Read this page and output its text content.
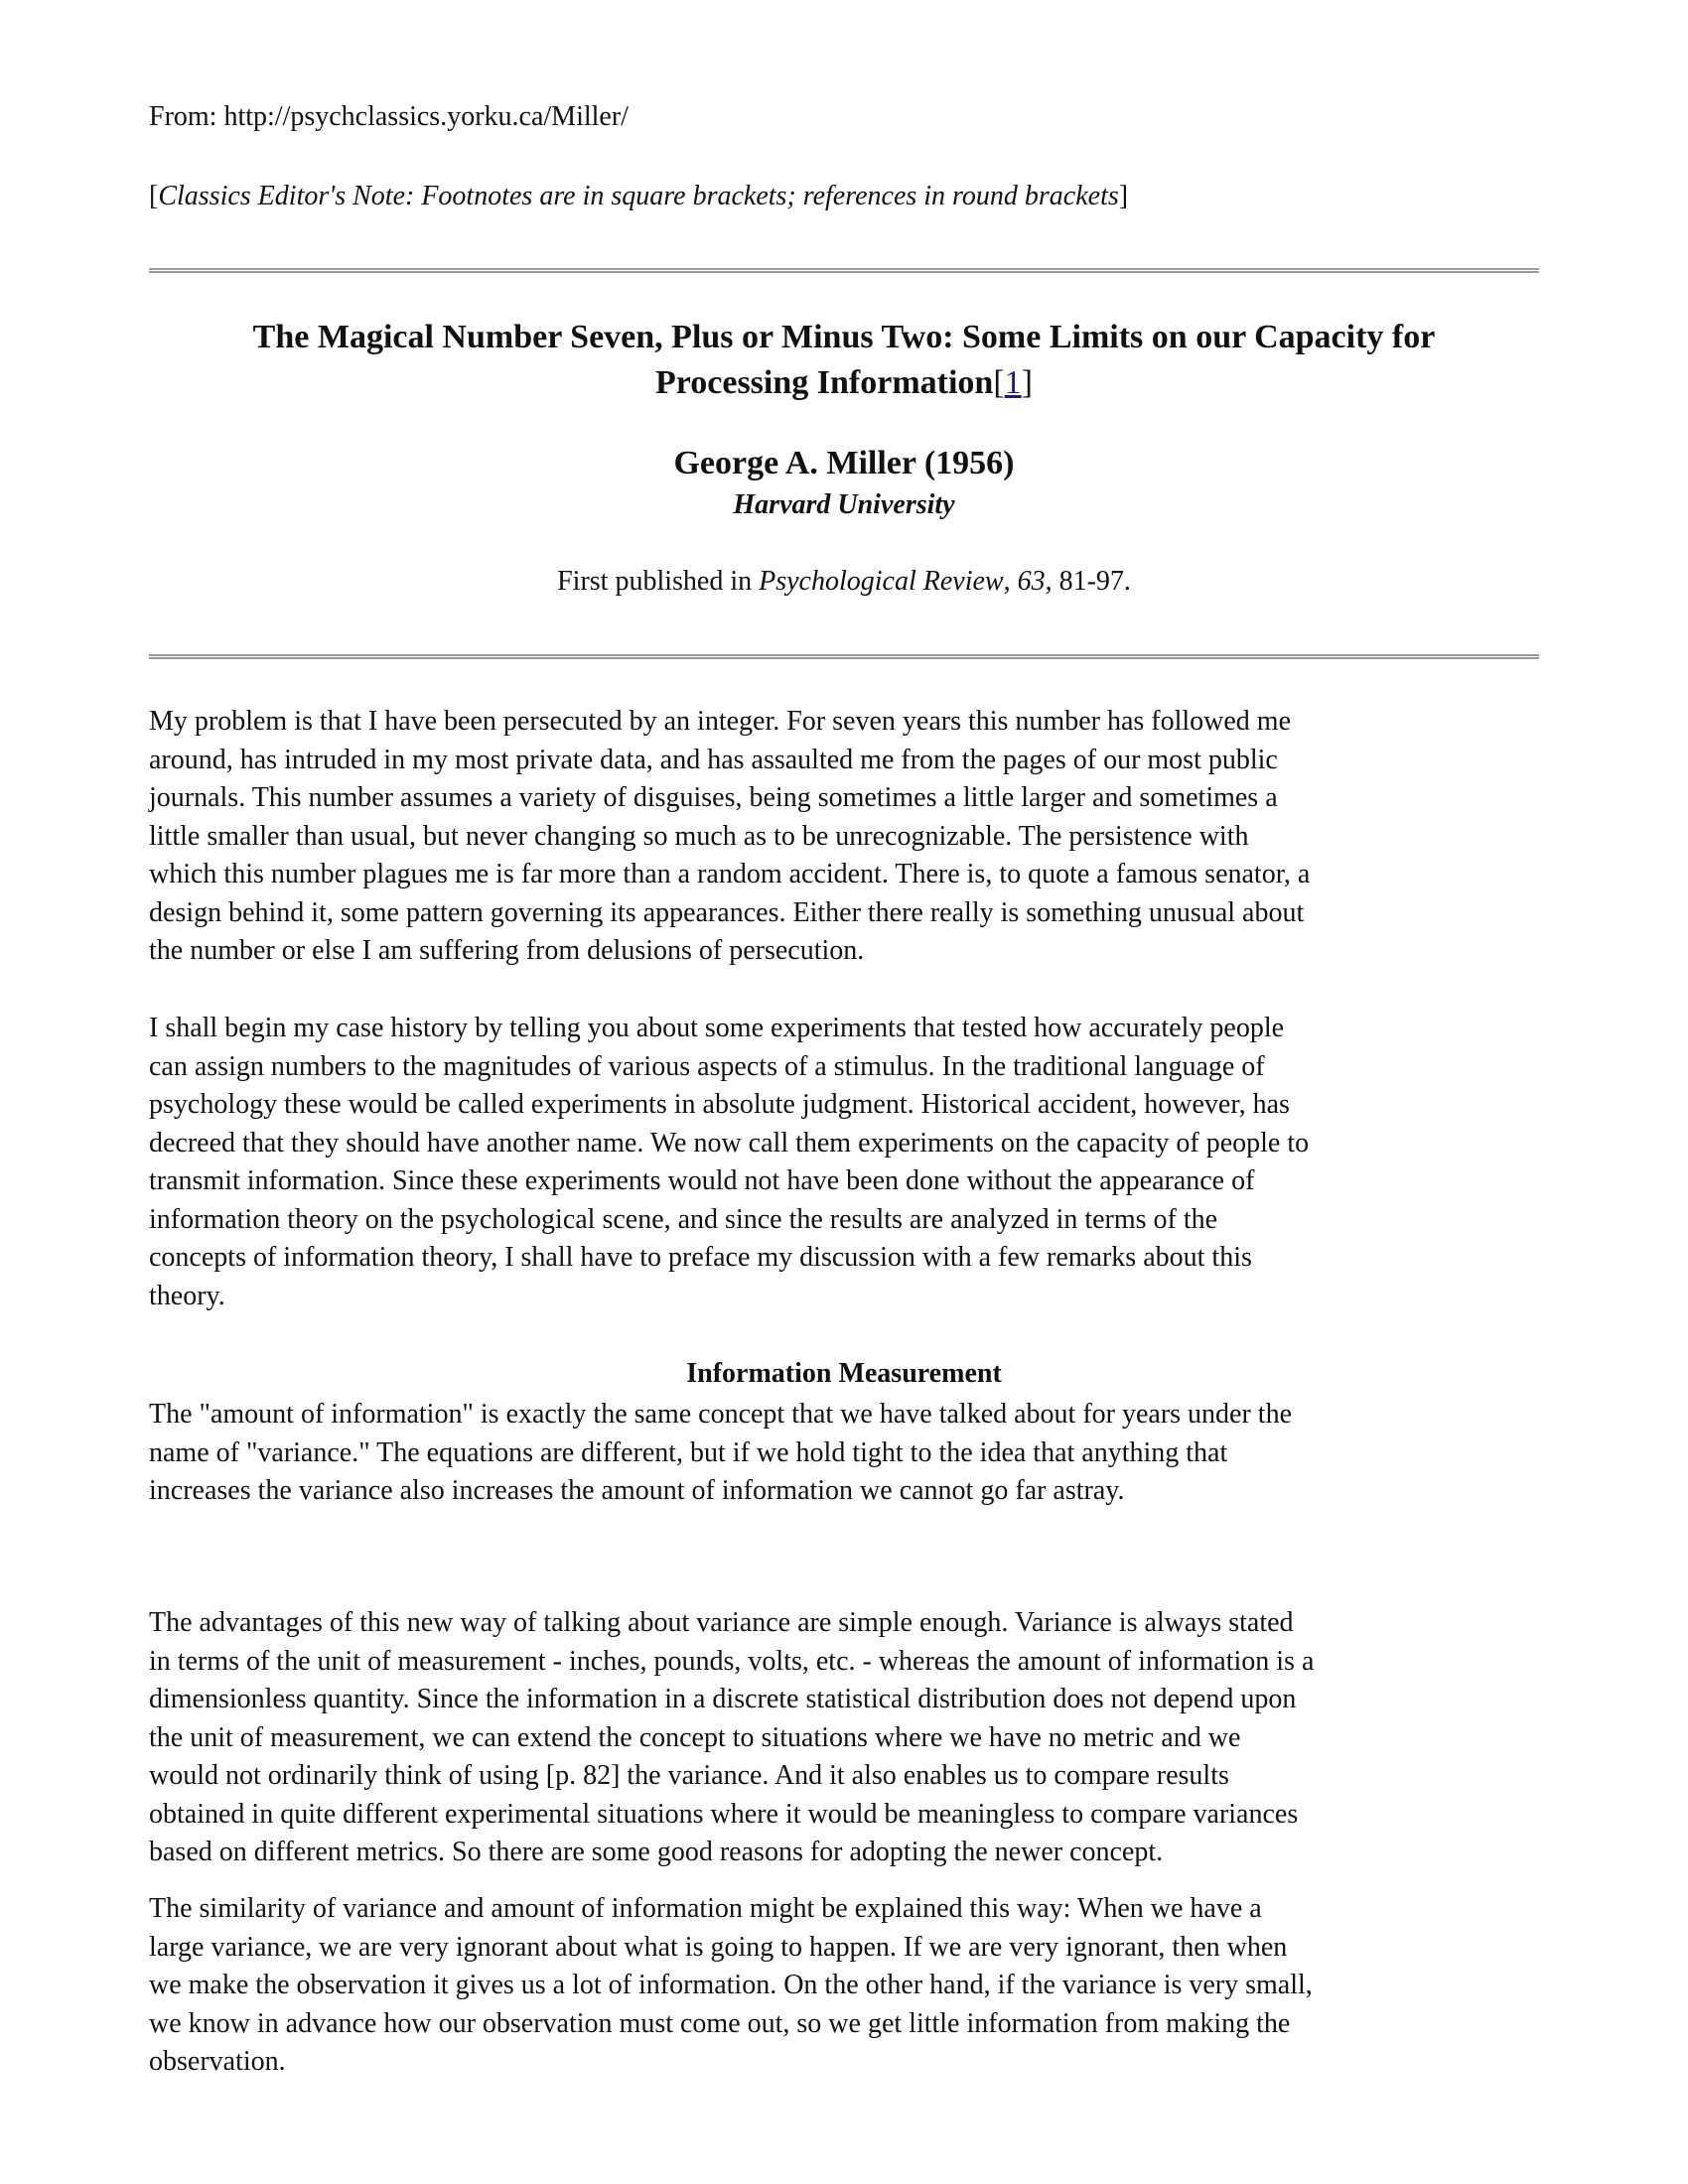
From: http://psychclassics.yorku.ca/Miller/
[Classics Editor's Note: Footnotes are in square brackets; references in round brackets]
The Magical Number Seven, Plus or Minus Two: Some Limits on our Capacity for
Processing Information[1]
George A. Miller (1956)
Harvard University
First published in Psychological Review, 63, 81-97.
My problem is that I have been persecuted by an integer. For seven years this number has followed me
around, has intruded in my most private data, and has assaulted me from the pages of our most public
journals. This number assumes a variety of disguises, being sometimes a little larger and sometimes a
little smaller than usual, but never changing so much as to be unrecognizable. The persistence with
which this number plagues me is far more than a random accident. There is, to quote a famous senator, a
design behind it, some pattern governing its appearances. Either there really is something unusual about
the number or else I am suffering from delusions of persecution.
I shall begin my case history by telling you about some experiments that tested how accurately people
can assign numbers to the magnitudes of various aspects of a stimulus. In the traditional language of
psychology these would be called experiments in absolute judgment. Historical accident, however, has
decreed that they should have another name. We now call them experiments on the capacity of people to
transmit information. Since these experiments would not have been done without the appearance of
information theory on the psychological scene, and since the results are analyzed in terms of the
concepts of information theory, I shall have to preface my discussion with a few remarks about this
theory.
Information Measurement
The "amount of information" is exactly the same concept that we have talked about for years under the
name of "variance." The equations are different, but if we hold tight to the idea that anything that
increases the variance also increases the amount of information we cannot go far astray.
The advantages of this new way of talking about variance are simple enough. Variance is always stated
in terms of the unit of measurement - inches, pounds, volts, etc. - whereas the amount of information is a
dimensionless quantity. Since the information in a discrete statistical distribution does not depend upon
the unit of measurement, we can extend the concept to situations where we have no metric and we
would not ordinarily think of using [p. 82] the variance. And it also enables us to compare results
obtained in quite different experimental situations where it would be meaningless to compare variances
based on different metrics. So there are some good reasons for adopting the newer concept.
The similarity of variance and amount of information might be explained this way: When we have a
large variance, we are very ignorant about what is going to happen. If we are very ignorant, then when
we make the observation it gives us a lot of information. On the other hand, if the variance is very small,
we know in advance how our observation must come out, so we get little information from making the
observation.
